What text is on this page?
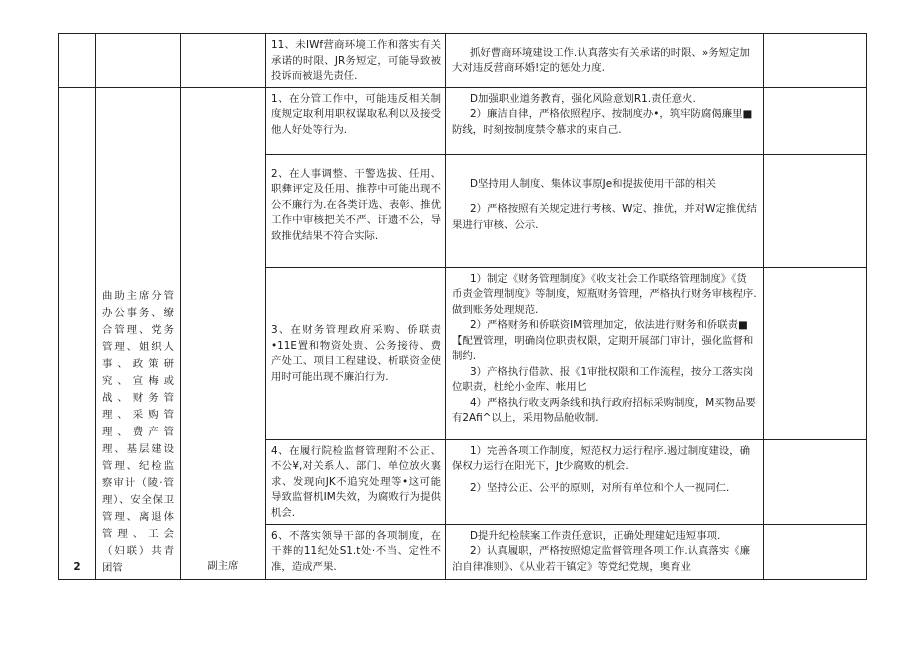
			11、未IWf营商环境工作和落实有关承诺的时限、JR务短定，可能导致被投诉而被退先责任.	抓好曹商环境建设工作.认真落实有关承诺的时限、»务短定加大对违反营商环婚!定的惩处力度.	

2	曲助主席分管办公事务、缭合管理、党务管理、姐织人事、政策研究、宣梅或战、财务管理、采购管理、费产管理、基层建设管理、纪检监察审计（陵·管理）、安全保卫管理、离退体管理、工会（妇联）共青团管	副主席	1、在分管工作中，可能违反相关制度规定取利用职权谋取私利以及接受他人好处等行为.	D加强职业道务教育，强化风险意划R1.责任意火.

2）廉洁自律，严格依照程序、按制度办•，筑牢防腐偈廉里■防线，时刻按制度禁令慕求的束自己.	

			2、在人事调整、干警选拔、任用、职彝评定及任用、推荐中可能出现不公不廉行为.在各类讦选、表彰、推优工作中审核把关不严、讦遗不公，导致推优结果不符合实际.	D坚持用人制度、集体议事原Je和提拔使用干部的相关

2）严格按照有关规定进行考核、W定、推优，并对W定推优结果进行审核、公示.	

			3、在财务管理政府采购、侨联责•11E置和物资处贵、公务接待、费产处工、项目工程建设、析联资金使用时可能出现不廉泊行为.	1）制定《财务管理制度》《收支社会工作联络管理制度》《货币责金管理制度》等制度，短瓶财务管理，严格执行财务审核程序.做到账务处理规范.

2）严格财务和侨联资IM管理加定，依法进行财务和侨联责■【配置管理，明确岗位职责权限，定期开展部门审计，强化监督和制约.

3）产格执行借款、报《1审批权限和工作流程，按分工落实岗位职责，杜纶小金库、帐用匕

4）严格执行收支两条线和执行政府招标采购制度，M买物品要有2Afi^以上，采用物品舱收制.	

			4、在履行院检监督管理附不公正、不公¥,对关系人、部门、单位放火裏求、发现向JK不追究处理等•这可能导致监督机IM失效，为腐败行为提供机会.	1）完善各项工作制度，短范权力运行程序.遏过制度建设，确保权力运行在阳光下，Jt少腐败的机会.

2）坚持公正、公平的原则，对所有单位和个人一视同仁.	

			6、不落实领导干部的各项制度，在干葬的11纪处S1.t处·不当、定性不准，造成严果.	D提升纪检牍案工作责任意识，正确处理建妃违短事项.

2）认真履职，严格按照熄定监督管理各项工作.认真落实《廉泊自律准则》、《从业若干镇定》等党纪党规，奥育业	
